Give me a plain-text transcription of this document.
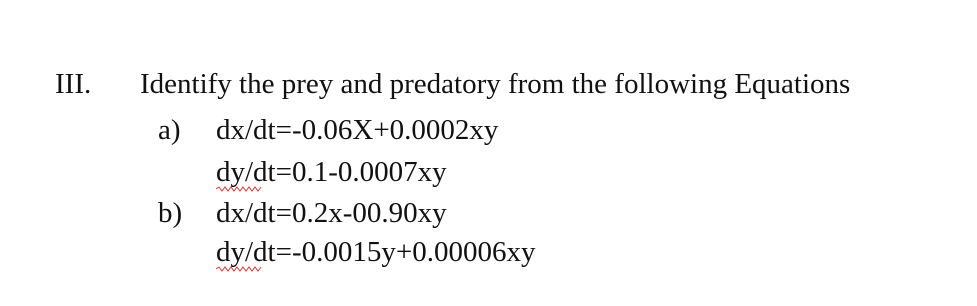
III. Identify the prey and predatory from the following Equations
a) dx/dt=-0.06X+0.0002xy
dy/dt=0.1-0.0007xy
b) dx/dt=0.2x-00.90xy
dy/dt=-0.0015y+0.00006xy
